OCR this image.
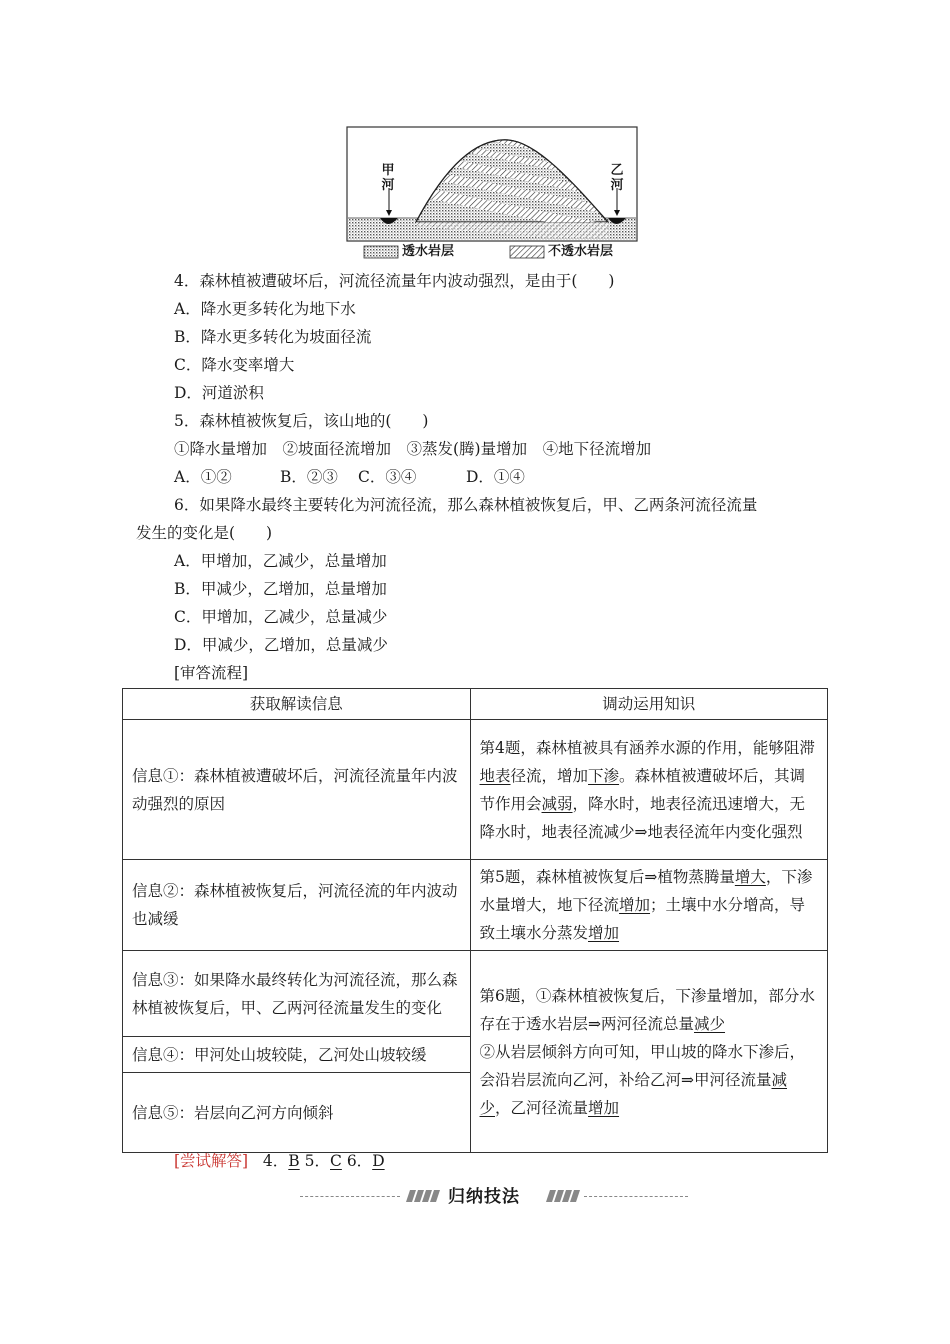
甲河
乙河
透水岩层	不透水岩层
4．森林植被遭破坏后，河流径流量年内波动强烈，是由于(　　)
A．降水更多转化为地下水
B．降水更多转化为坡面径流
C．降水变率增大
D．河道淤积
5．森林植被恢复后，该山地的(　　)
①降水量增加　②坡面径流增加　③蒸发(腾)量增加　④地下径流增加
A．①②	B．②③ C．③④	D．①④
6．如果降水最终主要转化为河流径流，那么森林植被恢复后，甲、乙两条河流径流量
发生的变化是(　　)
A．甲增加，乙减少，总量增加
B．甲减少，乙增加，总量增加
C．甲增加，乙减少，总量减少
D．甲减少，乙增加，总量减少
[审答流程]
获取解读信息	调动运用知识
信息①：森林植被遭破坏后，河流径流量年内波动强烈的原因	第4题，森林植被具有涵养水源的作用，能够阻滞地表径流，增加下渗。森林植被遭破坏后，其调节作用会减弱，降水时，地表径流迅速增大，无降水时，地表径流减少⇒地表径流年内变化强烈
信息②：森林植被恢复后，河流径流的年内波动也减缓	第5题，森林植被恢复后⇒植物蒸腾量增大，下渗水量增大，地下径流增加；土壤中水分增高，导致土壤水分蒸发增加
信息③：如果降水最终转化为河流径流，那么森林植被恢复后，甲、乙两河径流量发生的变化	第6题，①森林植被恢复后，下渗量增加，部分水存在于透水岩层⇒两河径流总量减少
②从岩层倾斜方向可知，甲山坡的降水下渗后，会沿岩层流向乙河，补给乙河⇒甲河径流量减少，乙河径流量增加
信息④：甲河处山坡较陡，乙河处山坡较缓	
信息⑤：岩层向乙河方向倾斜	
[尝试解答] 4．B 5．C 6．D
归纳技法
